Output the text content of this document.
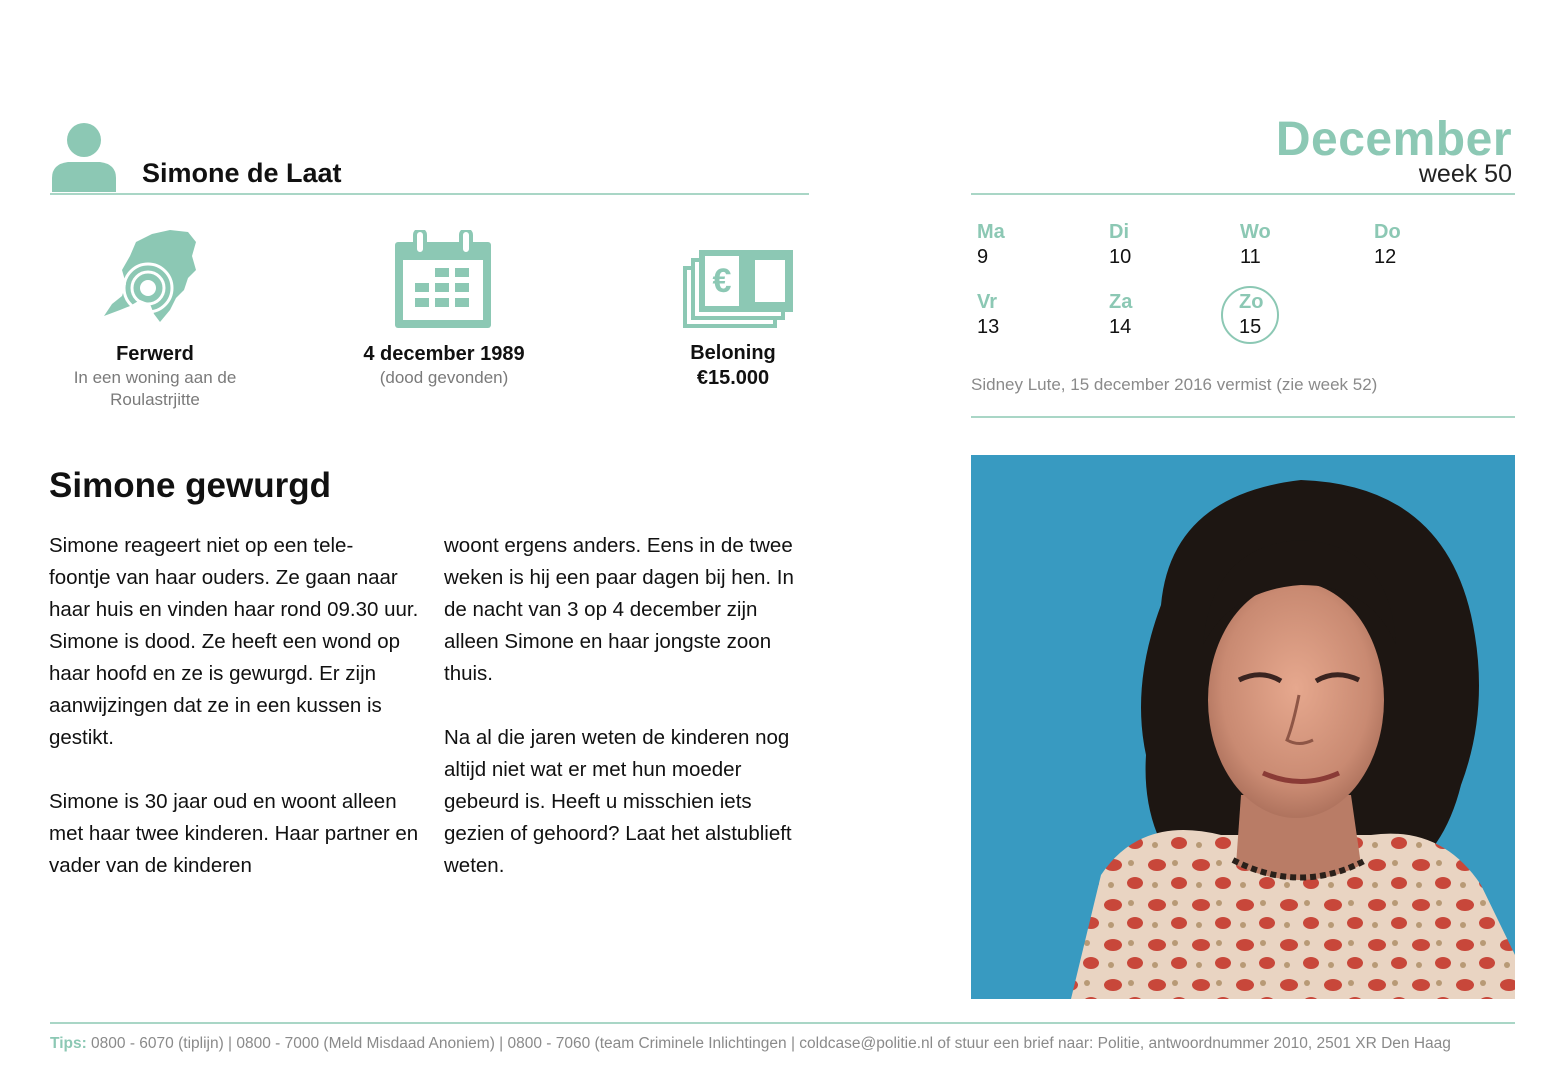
Simone de Laat
December
week 50
Ferwerd
In een woning aan de
Roulastrjitte
4 december 1989
(dood gevonden)
€
Beloning
€15.000
Ma
9
Di
10
Wo
11
Do
12
Vr
13
Za
14
Zo
15
Sidney Lute, 15 december 2016 vermist (zie week 52)
Simone gewurgd

Simone reageert niet op een tele-
foontje van haar ouders. Ze gaan naar haar huis en vinden haar rond 09.30 uur. Simone is dood. Ze heeft een wond op haar hoofd en ze is gewurgd. Er zijn aanwijzingen dat ze in een kussen is gestikt.

Simone is 30 jaar oud en woont alleen met haar twee kinderen. Haar partner en vader van de kinderen

woont ergens anders. Eens in de twee weken is hij een paar dagen bij hen. In de nacht van 3 op 4 december zijn alleen Simone en haar jongste zoon thuis.

Na al die jaren weten de kinderen nog altijd niet wat er met hun moeder gebeurd is. Heeft u misschien iets gezien of gehoord? Laat het alstublieft weten.

Tips: 0800 - 6070 (tiplijn) | 0800 - 7000 (Meld Misdaad Anoniem) | 0800 - 7060 (team Criminele Inlichtingen | coldcase@politie.nl of stuur een brief naar: Politie, antwoordnummer 2010, 2501 XR Den Haag
